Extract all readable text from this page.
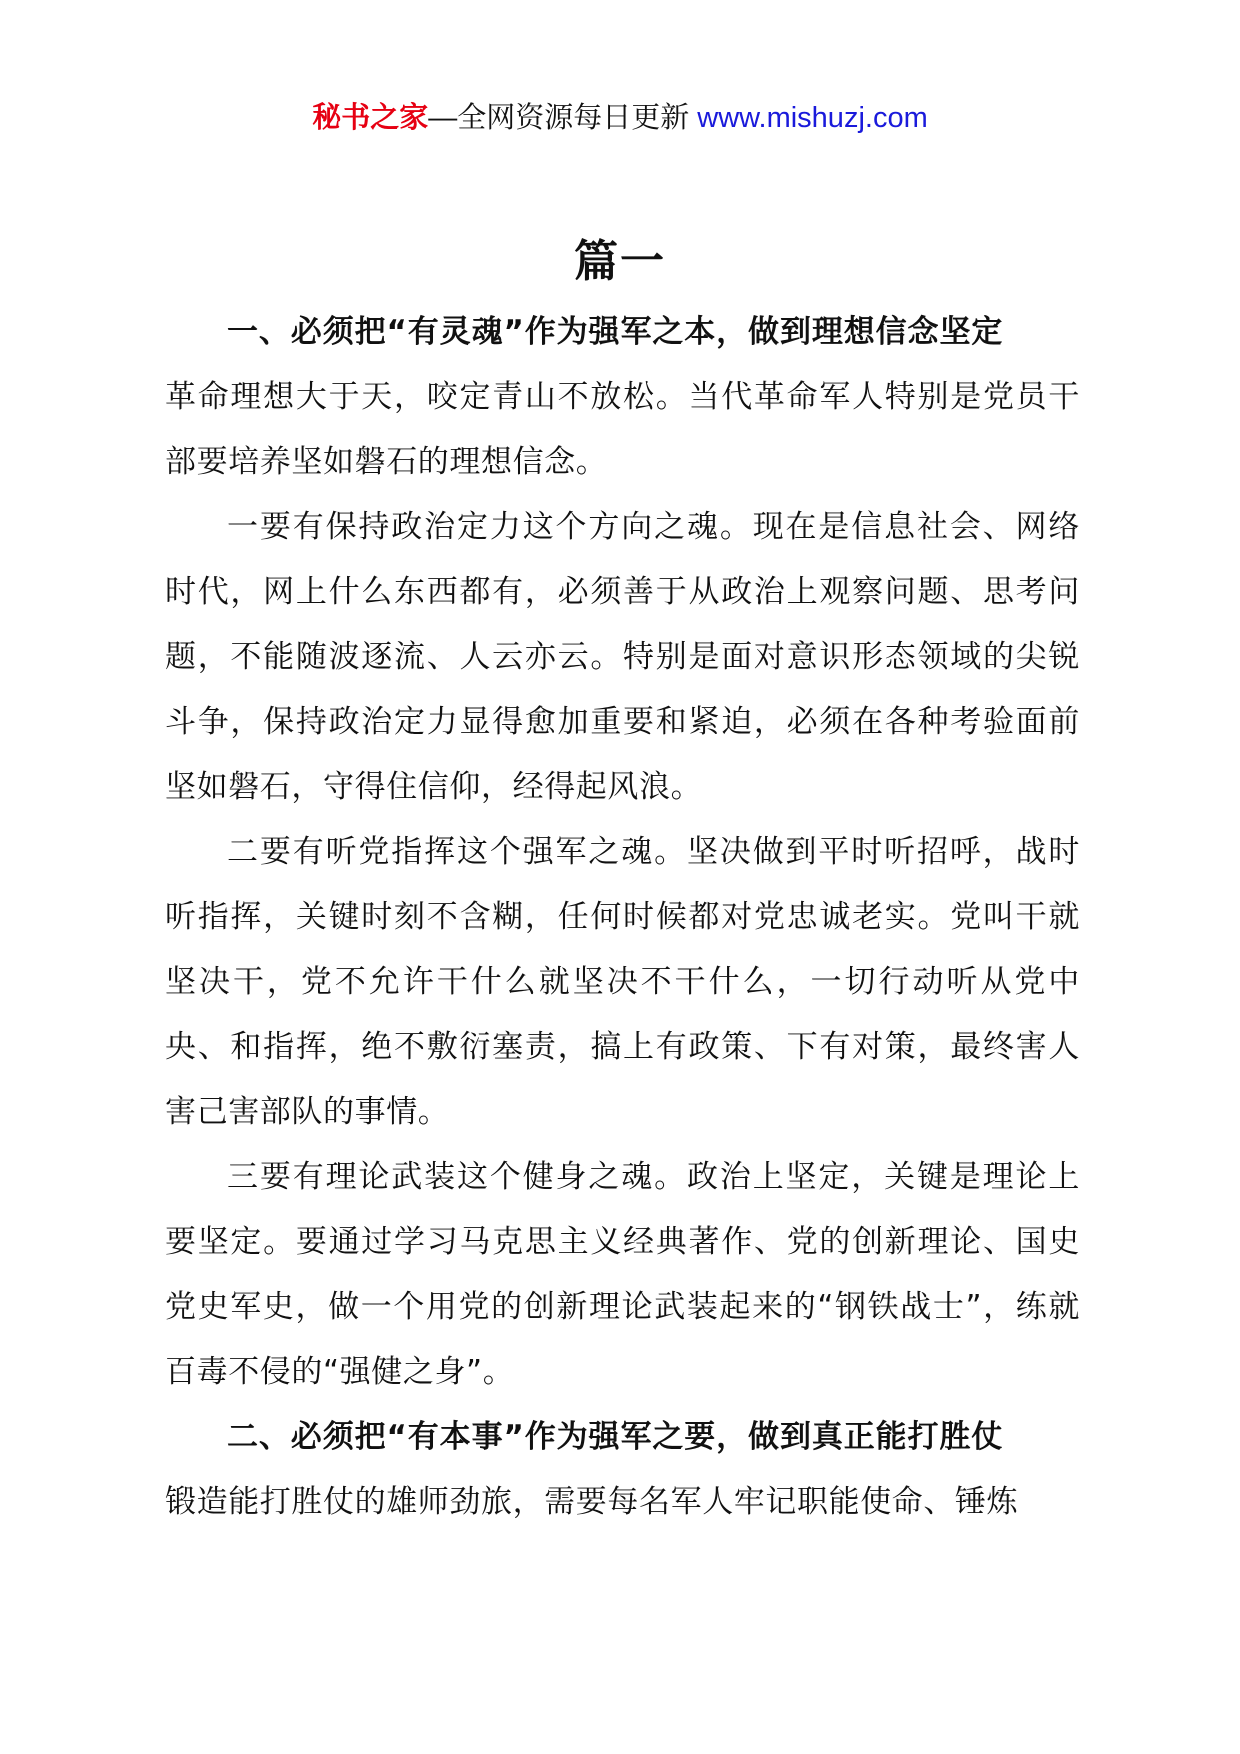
秘书之家—全网资源每日更新 www.mishuzj.com
篇一

一、必须把“有灵魂”作为强军之本，做到理想信念坚定

革命理想大于天，咬定青山不放松。当代革命军人特别是党员干部要培养坚如磐石的理想信念。

一要有保持政治定力这个方向之魂。现在是信息社会、网络时代，网上什么东西都有，必须善于从政治上观察问题、思考问题，不能随波逐流、人云亦云。特别是面对意识形态领域的尖锐斗争，保持政治定力显得愈加重要和紧迫，必须在各种考验面前坚如磐石，守得住信仰，经得起风浪。

二要有听党指挥这个强军之魂。坚决做到平时听招呼，战时听指挥，关键时刻不含糊，任何时候都对党忠诚老实。党叫干就坚决干，党不允许干什么就坚决不干什么，一切行动听从党中央、和指挥，绝不敷衍塞责，搞上有政策、下有对策，最终害人害己害部队的事情。

三要有理论武装这个健身之魂。政治上坚定，关键是理论上要坚定。要通过学习马克思主义经典著作、党的创新理论、国史党史军史，做一个用党的创新理论武装起来的“钢铁战士”，练就百毒不侵的“强健之身”。

二、必须把“有本事”作为强军之要，做到真正能打胜仗

锻造能打胜仗的雄师劲旅，需要每名军人牢记职能使命、锤炼
